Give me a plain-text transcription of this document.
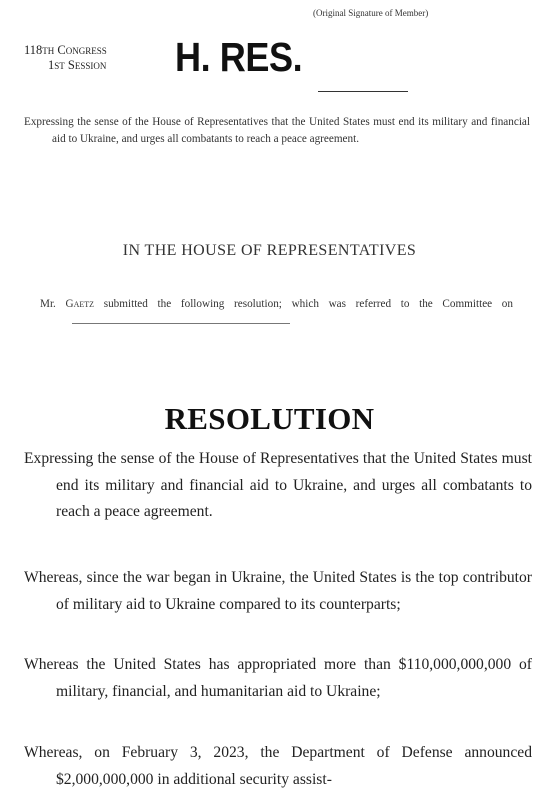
(Original Signature of Member)
118th Congress
1st Session H. RES.
Expressing the sense of the House of Representatives that the United States must end its military and financial aid to Ukraine, and urges all combatants to reach a peace agreement.
IN THE HOUSE OF REPRESENTATIVES
Mr. Gaetz submitted the following resolution; which was referred to the Committee on
RESOLUTION
Expressing the sense of the House of Representatives that the United States must end its military and financial aid to Ukraine, and urges all combatants to reach a peace agreement.
Whereas, since the war began in Ukraine, the United States is the top contributor of military aid to Ukraine compared to its counterparts;
Whereas the United States has appropriated more than $110,000,000,000 of military, financial, and humanitarian aid to Ukraine;
Whereas, on February 3, 2023, the Department of Defense announced $2,000,000,000 in additional security assist-
